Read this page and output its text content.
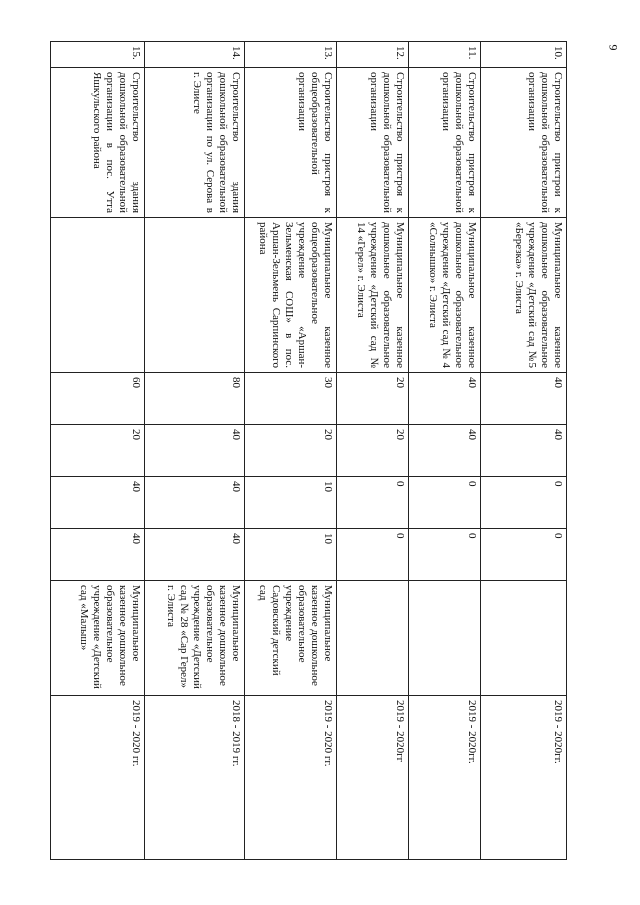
9
10.	Строительство пристрои к дошкольной образовательной организации	Муниципальное казенное дошкольное образовательное учреждение «Детский сад №5 «Березка» г. Элиста	40	40	0	0		2019 - 2020гг.
11.	Строительство пристроя к дошкольной образовательной организации	Муниципальное казенное дошкольное образовательное учреждение «Детский сад № 4 «Солнышко» г. Элиста	40	40	0	0		2019 - 2020гг.
12.	Строительство пристроя к дошкольной образовательной организации	Муниципальное казенное дошкольное образовательное учреждение «Детский сад № 14 «Герел» г. Элиста	20	20	0	0		2019 - 2020гг
13.	Строительство пристроя к общеобразовательной организации	Муниципальное казенное общеобразовательное учреждение «Аршан-Зельменская СОШ» в пос. Аршан-Зельмень Сарпинского района	30	20	10	10	Муниципальное казенное дошкольное образовательное учреждение Садовский детский сад	2019 - 2020 гг.
14.	Строительство здания дошкольной образовательной организации по ул. Серова в г. Элисте		80	40	40	40	Муниципальное казенное дошкольное образовательное учреждение «Детский сад № 28 «Сар Герел» г. Элиста	2018 - 2019 гг.
15.	Строительство здания дошкольной образовательной организации в пос. Утта Яшкульского района		60	20	40	40	Муниципальное казенное дошкольное образовательное учреждение «Детский сад «Малыш»	2019 - 2020 гг.
